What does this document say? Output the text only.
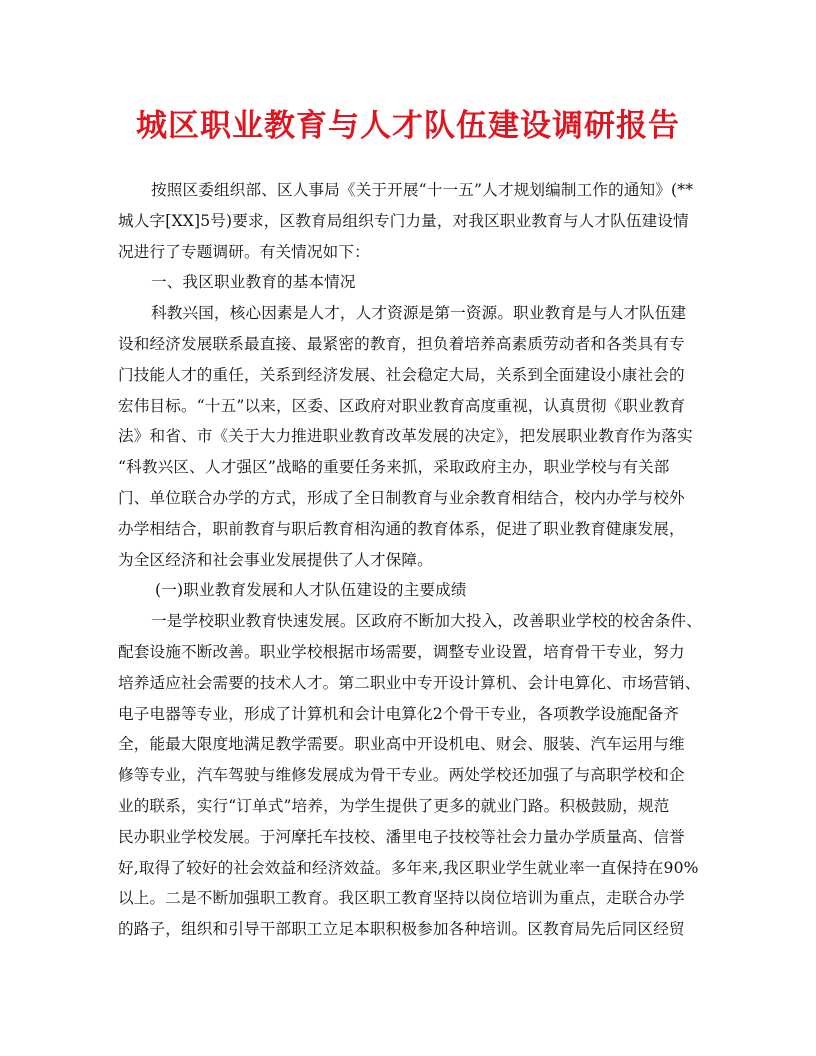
城区职业教育与人才队伍建设调研报告
按照区委组织部、区人事局《关于开展“十一五”人才规划编制工作的通知》(**
城人字[XX]5号)要求，区教育局组织专门力量，对我区职业教育与人才队伍建设情
况进行了专题调研。有关情况如下：
一、我区职业教育的基本情况
科教兴国，核心因素是人才，人才资源是第一资源。职业教育是与人才队伍建
设和经济发展联系最直接、最紧密的教育，担负着培养高素质劳动者和各类具有专
门技能人才的重任，关系到经济发展、社会稳定大局，关系到全面建设小康社会的
宏伟目标。“十五”以来，区委、区政府对职业教育高度重视，认真贯彻《职业教育
法》和省、市《关于大力推进职业教育改革发展的决定》，把发展职业教育作为落实
“科教兴区、人才强区”战略的重要任务来抓，采取政府主办，职业学校与有关部
门、单位联合办学的方式，形成了全日制教育与业余教育相结合，校内办学与校外
办学相结合，职前教育与职后教育相沟通的教育体系，促进了职业教育健康发展，
为全区经济和社会事业发展提供了人才保障。
(一)职业教育发展和人才队伍建设的主要成绩
一是学校职业教育快速发展。区政府不断加大投入，改善职业学校的校舍条件、
配套设施不断改善。职业学校根据市场需要，调整专业设置，培育骨干专业，努力
培养适应社会需要的技术人才。第二职业中专开设计算机、会计电算化、市场营销、
电子电器等专业，形成了计算机和会计电算化2个骨干专业，各项教学设施配备齐
全，能最大限度地满足教学需要。职业高中开设机电、财会、服装、汽车运用与维
修等专业，汽车驾驶与维修发展成为骨干专业。两处学校还加强了与高职学校和企
业的联系，实行“订单式”培养，为学生提供了更多的就业门路。积极鼓励，规范
民办职业学校发展。于河摩托车技校、潘里电子技校等社会力量办学质量高、信誉
好,取得了较好的社会效益和经济效益。多年来,我区职业学生就业率一直保持在90%
以上。二是不断加强职工教育。我区职工教育坚持以岗位培训为重点，走联合办学
的路子，组织和引导干部职工立足本职积极参加各种培训。区教育局先后同区经贸
